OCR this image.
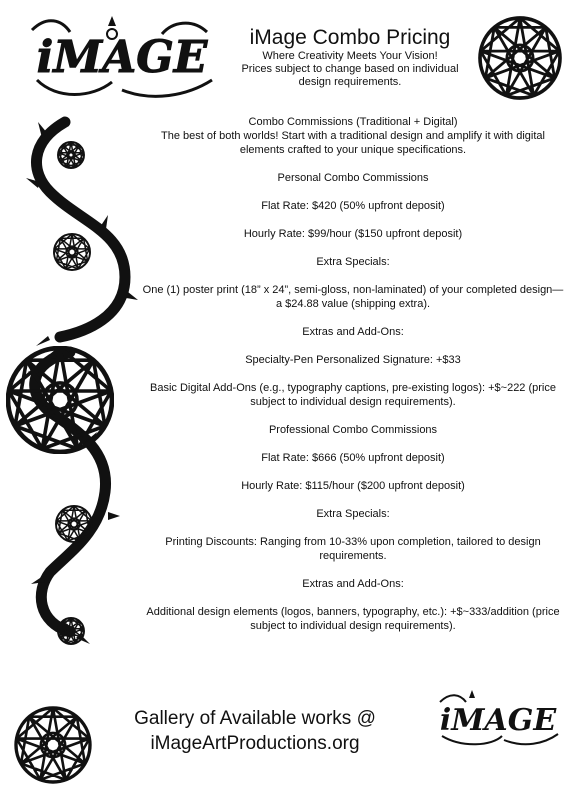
iMAGE	iMage Combo Pricing
Where Creativity Meets Your Vision!
Prices subject to change based on individual
design requirements.

Combo Commissions (Traditional + Digital)
The best of both worlds! Start with a traditional design and amplify it with digital elements crafted to your unique specifications.

Personal Combo Commissions

Flat Rate: $420 (50% upfront deposit)

Hourly Rate: $99/hour ($150 upfront deposit)

Extra Specials:

One (1) poster print (18” x 24”, semi-gloss, non-laminated) of your completed design—a $24.88 value (shipping extra).

Extras and Add-Ons:

Specialty-Pen Personalized Signature: +$33

Basic Digital Add-Ons (e.g., typography captions, pre-existing logos): +$~222 (price subject to individual design requirements).

Professional Combo Commissions

Flat Rate: $666 (50% upfront deposit)

Hourly Rate: $115/hour ($200 upfront deposit)

Extra Specials:

Printing Discounts: Ranging from 10-33% upon completion, tailored to design requirements.

Extras and Add-Ons:

Additional design elements (logos, banners, typography, etc.): +$~333/addition (price subject to individual design requirements).

Gallery of Available works @
iMageArtProductions.org
iMAGE
